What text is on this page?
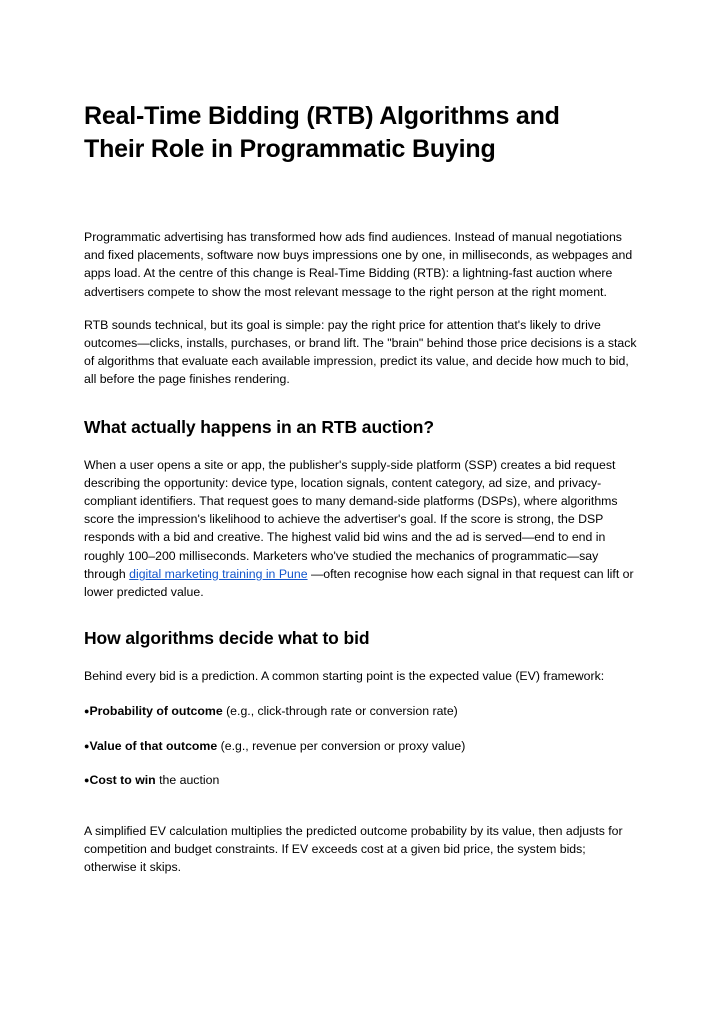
Real-Time Bidding (RTB) Algorithms and Their Role in Programmatic Buying

Programmatic advertising has transformed how ads find audiences. Instead of manual negotiations and fixed placements, software now buys impressions one by one, in milliseconds, as webpages and apps load. At the centre of this change is Real-Time Bidding (RTB): a lightning-fast auction where advertisers compete to show the most relevant message to the right person at the right moment.

RTB sounds technical, but its goal is simple: pay the right price for attention that's likely to drive outcomes—clicks, installs, purchases, or brand lift. The "brain" behind those price decisions is a stack of algorithms that evaluate each available impression, predict its value, and decide how much to bid, all before the page finishes rendering.

What actually happens in an RTB auction?

When a user opens a site or app, the publisher's supply-side platform (SSP) creates a bid request describing the opportunity: device type, location signals, content category, ad size, and privacy-compliant identifiers. That request goes to many demand-side platforms (DSPs), where algorithms score the impression's likelihood to achieve the advertiser's goal. If the score is strong, the DSP responds with a bid and creative. The highest valid bid wins and the ad is served—end to end in roughly 100–200 milliseconds. Marketers who've studied the mechanics of programmatic—say through digital marketing training in Pune —often recognise how each signal in that request can lift or lower predicted value.

How algorithms decide what to bid

Behind every bid is a prediction. A common starting point is the expected value (EV) framework:

●Probability of outcome (e.g., click-through rate or conversion rate)
●Value of that outcome (e.g., revenue per conversion or proxy value)
●Cost to win the auction

A simplified EV calculation multiplies the predicted outcome probability by its value, then adjusts for competition and budget constraints. If EV exceeds cost at a given bid price, the system bids; otherwise it skips.
